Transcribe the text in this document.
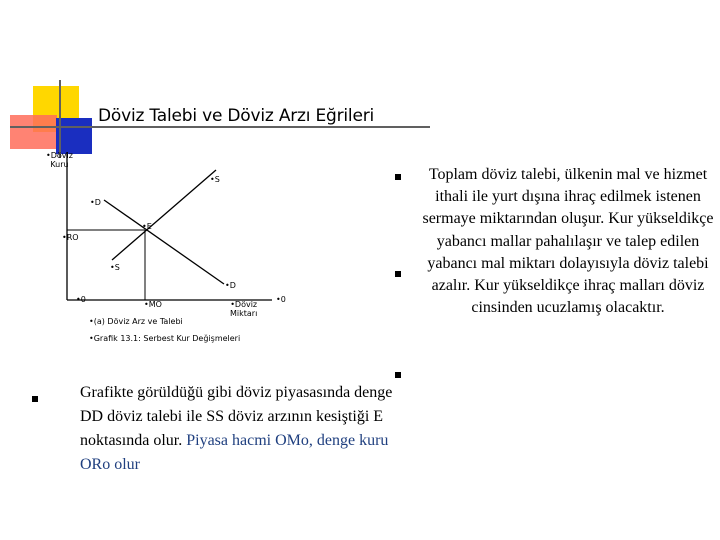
Döviz Talebi ve Döviz Arzı Eğrileri
•Döviz
Kuru
•S
•D
•E
•RO
•S
•D
•0
•MO	•Döviz
Miktarı
•0
•(a) Döviz Arz ve Talebi
•Grafik 13.1: Serbest Kur Değişmeleri
Toplam döviz talebi, ülkenin mal ve hizmet ithali ile yurt dışına ihraç edilmek istenen sermaye miktarından oluşur. Kur yükseldikçe yabancı mallar pahalılaşır ve talep edilen yabancı mal miktarı dolayısıyla döviz talebi azalır. Kur yükseldikçe ihraç malları döviz cinsinden ucuzlamış olacaktır.
Grafikte görüldüğü gibi döviz piyasasında denge DD döviz talebi ile SS döviz arzının kesiştiği E noktasında olur. Piyasa hacmi OMo, denge kuru ORo olur
